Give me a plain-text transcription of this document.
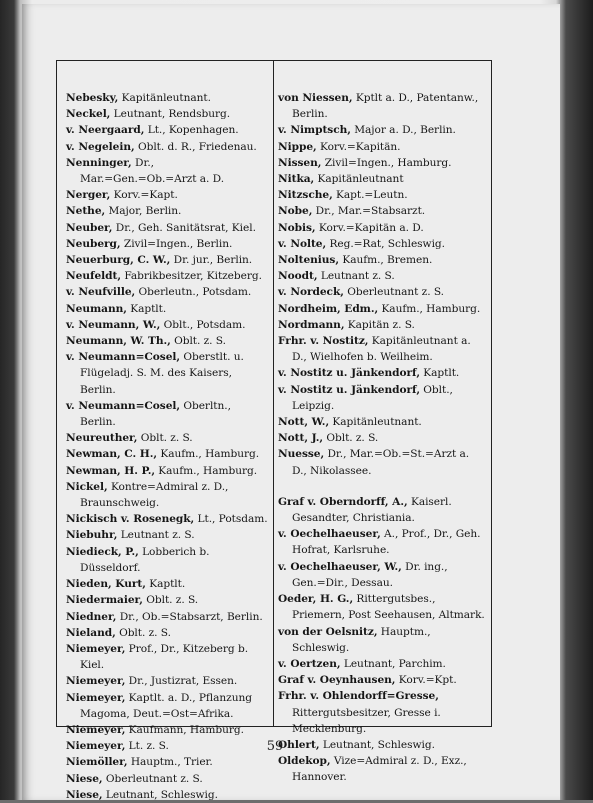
Nebesky, Kapitänleutnant.
Neckel, Leutnant, Rendsburg.
v. Neergaard, Lt., Kopenhagen.
v. Negelein, Oblt. d. R., Friedenau.
Nenninger, Dr., Mar.=Gen.=Ob.=Arzt a. D.
Nerger, Korv.=Kapt.
Nethe, Major, Berlin.
Neuber, Dr., Geh. Sanitätsrat, Kiel.
Neuberg, Zivil=Ingen., Berlin.
Neuerburg, C. W., Dr. jur., Berlin.
Neufeldt, Fabrikbesitzer, Kitzeberg.
v. Neufville, Oberleutn., Potsdam.
Neumann, Kaptlt.
v. Neumann, W., Oblt., Potsdam.
Neumann, W. Th., Oblt. z. S.
v. Neumann=Cosel, Oberstlt. u. Flügeladj. S. M. des Kaisers, Berlin.
v. Neumann=Cosel, Oberltn., Berlin.
Neureuther, Oblt. z. S.
Newman, C. H., Kaufm., Hamburg.
Newman, H. P., Kaufm., Hamburg.
Nickel, Kontre=Admiral z. D., Braunschweig.
Nickisch v. Rosenegk, Lt., Potsdam.
Niebuhr, Leutnant z. S.
Niedieck, P., Lobberich b. Düsseldorf.
Nieden, Kurt, Kaptlt.
Niedermaier, Oblt. z. S.
Niedner, Dr., Ob.=Stabsarzt, Berlin.
Nieland, Oblt. z. S.
Niemeyer, Prof., Dr., Kitzeberg b. Kiel.
Niemeyer, Dr., Justizrat, Essen.
Niemeyer, Kaptlt. a. D., Pflanzung Magoma, Deut.=Ost=Afrika.
Niemeyer, Kaufmann, Hamburg.
Niemeyer, Lt. z. S.
Niemöller, Hauptm., Trier.
Niese, Oberleutnant z. S.
Niese, Leutnant, Schleswig.
von Niessen, Kptlt a. D., Patentanw., Berlin.
v. Nimptsch, Major a. D., Berlin.
Nippe, Korv.=Kapitän.
Nissen, Zivil=Ingen., Hamburg.
Nitka, Kapitänleutnant
Nitzsche, Kapt.=Leutn.
Nobe, Dr., Mar.=Stabsarzt.
Nobis, Korv.=Kapitän a. D.
v. Nolte, Reg.=Rat, Schleswig.
Noltenius, Kaufm., Bremen.
Noodt, Leutnant z. S.
v. Nordeck, Oberleutnant z. S.
Nordheim, Edm., Kaufm., Hamburg.
Nordmann, Kapitän z. S.
Frhr. v. Nostitz, Kapitänleutnant a. D., Wielhofen b. Weilheim.
v. Nostitz u. Jänkendorf, Kaptlt.
v. Nostitz u. Jänkendorf, Oblt., Leipzig.
Nott, W., Kapitänleutnant.
Nott, J., Oblt. z. S.
Nuesse, Dr., Mar.=Ob.=St.=Arzt a. D., Nikolassee.
Graf v. Oberndorff, A., Kaiserl. Gesandter, Christiania.
v. Oechelhaeuser, A., Prof., Dr., Geh. Hofrat, Karlsruhe.
v. Oechelhaeuser, W., Dr. ing., Gen.=Dir., Dessau.
Oeder, H. G., Rittergutsbes., Priemern, Post Seehausen, Altmark.
von der Oelsnitz, Hauptm., Schleswig.
v. Oertzen, Leutnant, Parchim.
Graf v. Oeynhausen, Korv.=Kpt.
Frhr. v. Ohlendorff=Gresse, Rittergutsbesitzer, Gresse i. Mecklenburg.
Ohlert, Leutnant, Schleswig.
Oldekop, Vize=Admiral z. D., Exz., Hannover.
59
